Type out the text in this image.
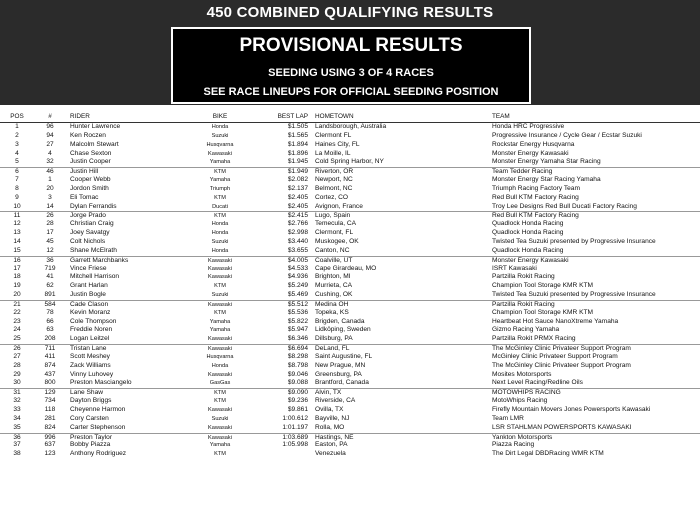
450 COMBINED QUALIFYING RESULTS
PROVISIONAL RESULTS
SEEDING USING 3 OF 4 RACES
SEE RACE LINEUPS FOR OFFICIAL SEEDING POSITION
POS	#	RIDER	BIKE	BEST LAP HOMETOWN	TEAM
1	96	Hunter Lawrence	Honda	$1.505 Landsborough, Australia	Honda HRC Progressive
2	94	Ken Roczen	Suzuki	$1.565 Clermont FL	Progressive Insurance / Cycle Gear / Ecstar Suzuki
3	27	Malcolm Stewart	Husqvarna	$1.894 Haines City, FL	Rockstar Energy Husqvarna
4	4	Chase Sexton	Kawasaki	$1.896 La Moille, IL	Monster Energy Kawasaki
5	32	Justin Cooper	Yamaha	$1.945 Cold Spring Harbor, NY	Monster Energy Yamaha Star Racing
6	46	Justin Hill	KTM	$1.949 Riverton, OR	Team Tedder Racing
7	1	Cooper Webb	Yamaha	$2.082 Newport, NC	Monster Energy Star Racing Yamaha
8	20	Jordon Smith	Triumph	$2.137 Belmont, NC	Triumph Racing Factory Team
9	3	Eli Tomac	KTM	$2.405 Cortez, CO	Red Bull KTM Factory Racing
10	14	Dylan Ferrandis	Ducati	$2.405 Avignon, France	Troy Lee Designs Red Bull Ducati Factory Racing
11	26	Jorge Prado	KTM	$2.415 Lugo, Spain	Red Bull KTM Factory Racing
12	28	Christian Craig	Honda	$2.766 Temecula, CA	Quadlock Honda Racing
13	17	Joey Savatgy	Honda	$2.998 Clermont, FL	Quadlock Honda Racing
14	45	Colt Nichols	Suzuki	$3.440 Muskogee, OK	Twisted Tea Suzuki presented by Progressive Insurance
15	12	Shane McElrath	Honda	$3.655 Canton, NC	Quadlock Honda Racing
16	36	Garrett Marchbanks	Kawasaki	$4.005 Coalville, UT	Monster Energy Kawasaki
17	719	Vince Friese	Kawasaki	$4.533 Cape Girardeau, MO	ISRT Kawasaki
18	41	Mitchell Harrison	Kawasaki	$4.936 Brighton, MI	Partzilla Rokit Racing
19	62	Grant Harlan	KTM	$5.249 Murrieta, CA	Champion Tool Storage KMR KTM
20	891	Justin Bogle	Suzuki	$5.469 Cushing, OK	Twisted Tea Suzuki presented by Progressive Insurance
21	584	Cade Clason	Kawasaki	$5.512 Medina OH	Partzilla Rokit Racing
22	78	Kevin Moranz	KTM	$5.536 Topeka, KS	Champion Tool Storage KMR KTM
23	66	Cole Thompson	Yamaha	$5.822 Brigden, Canada	Heartbeat Hot Sauce NanoXtreme Yamaha
24	63	Freddie Noren	Yamaha	$5.947 Lidköping, Sweden	Gizmo Racing Yamaha
25	208	Logan Leitzel	Kawasaki	$6.346 Dillsburg, PA	Partzilla Rokit PRMX Racing
26	711	Tristan Lane	Kawasaki	$6.694 DeLand, FL	The McGinley Clinic Privateer Support Program
27	411	Scott Meshey	Husqvarna	$8.298 Saint Augustine, FL	McGinley Clinic Privateer Support Program
28	874	Zack Williams	Honda	$8.798 New Prague, MN	The McGinley Clinic Privateer Support Program
29	437	Vinny Luhovey	Kawasaki	$9.046 Greensburg, PA	Mosites Motorsports
30	800	Preston Masciangelo	GasGas	$9.088 Brantford, Canada	Next Level Racing/Redline Oils
31	129	Lane Shaw	KTM	$9.090 Alvin, TX	MOTOWHIPS RACING
32	734	Dayton Briggs	KTM	$9.236 Riverside, CA	MotoWhips Racing
33	118	Cheyenne Harmon	Kawasaki	$9.861 Ovilla, TX	Firefly Mountain Movers Jones Powersports Kawasaki
34	281	Cory Carsten	Suzuki	1:00.612 Bayville, NJ	Team LMR
35	824	Carter Stephenson	Kawasaki	1:01.197 Rolla, MO	LSR STAHLMAN POWERSPORTS KAWASAKI
36	996	Preston Taylor	Kawasaki	1:03.689 Hastings, NE	Yankton Motorsports
37	637	Bobby Piazza	Yamaha	1:05.998 Easton, PA	Piazza Racing
38	123	Anthony Rodriguez	KTM	Venezuela	The Dirt Legal DBDRacing WMR KTM
